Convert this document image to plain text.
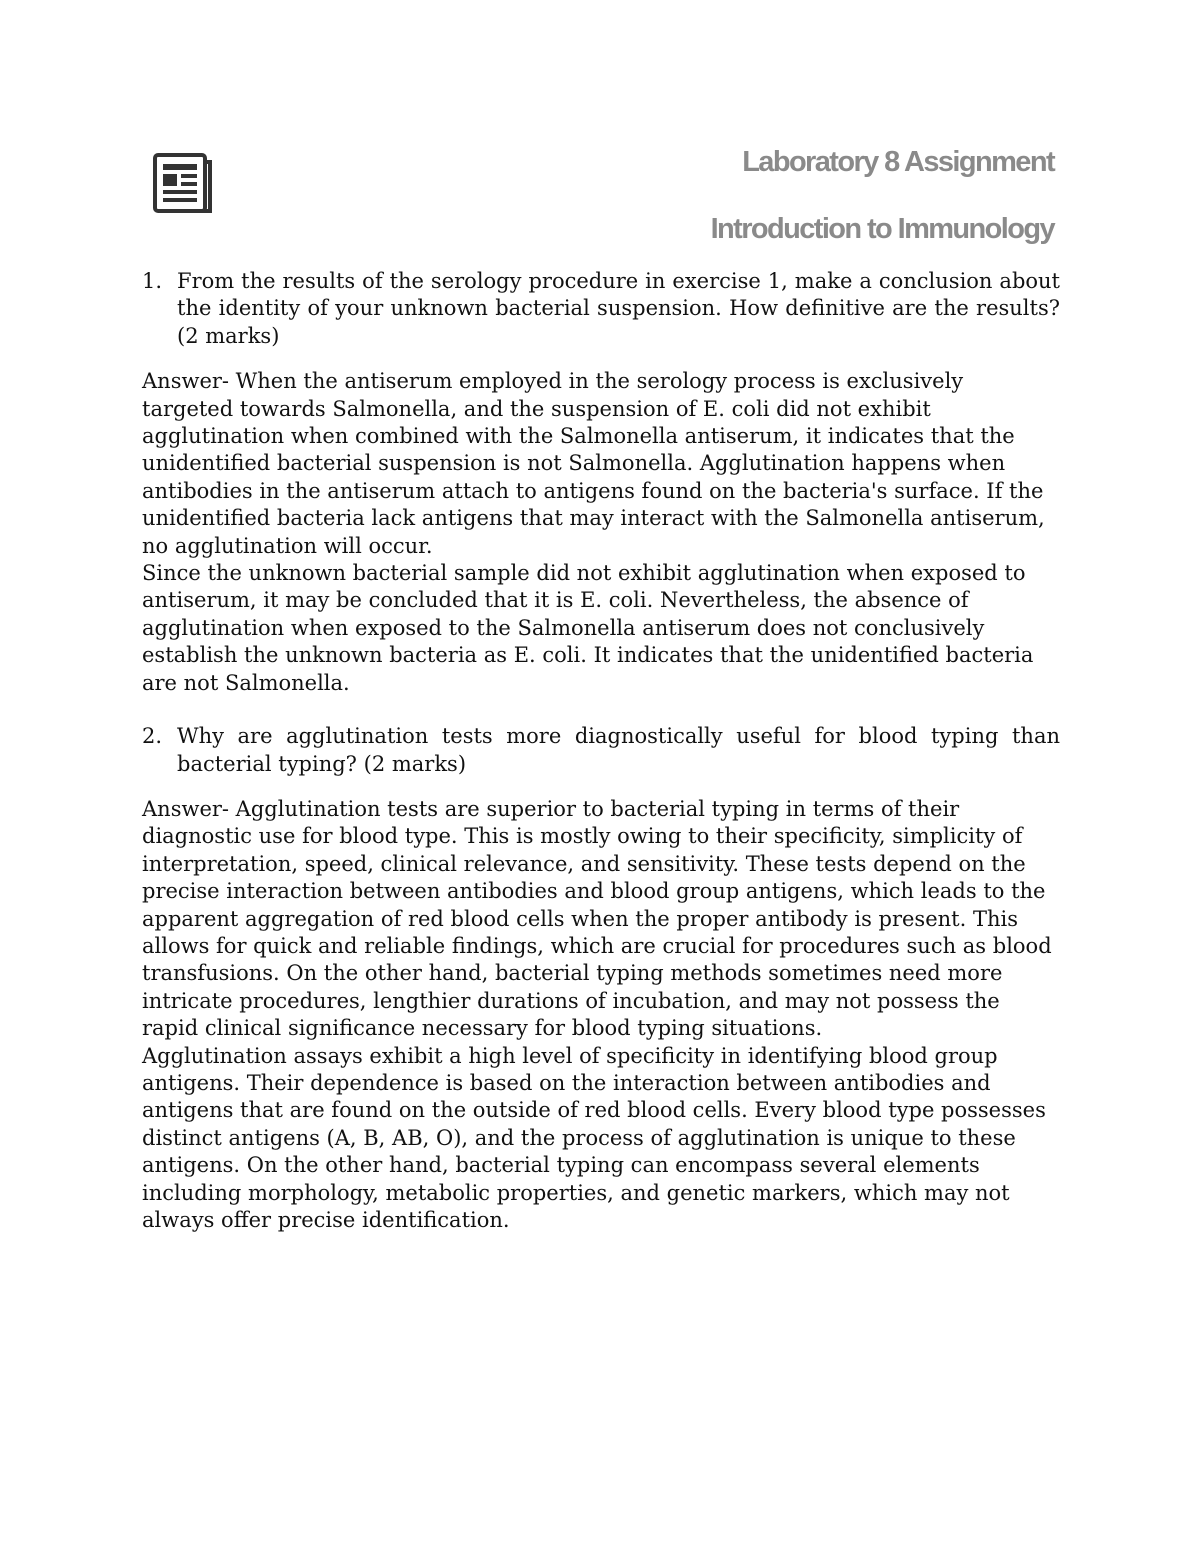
Laboratory 8 Assignment
Introduction to Immunology
1. From the results of the serology procedure in exercise 1, make a conclusion about the identity of your unknown bacterial suspension. How definitive are the results? (2 marks)

Answer- When the antiserum employed in the serology process is exclusively targeted towards Salmonella, and the suspension of E. coli did not exhibit agglutination when combined with the Salmonella antiserum, it indicates that the unidentified bacterial suspension is not Salmonella. Agglutination happens when antibodies in the antiserum attach to antigens found on the bacteria's surface. If the unidentified bacteria lack antigens that may interact with the Salmonella antiserum, no agglutination will occur.

Since the unknown bacterial sample did not exhibit agglutination when exposed to antiserum, it may be concluded that it is E. coli. Nevertheless, the absence of agglutination when exposed to the Salmonella antiserum does not conclusively establish the unknown bacteria as E. coli. It indicates that the unidentified bacteria are not Salmonella.

2. Why are agglutination tests more diagnostically useful for blood typing than bacterial typing? (2 marks)

Answer- Agglutination tests are superior to bacterial typing in terms of their diagnostic use for blood type. This is mostly owing to their specificity, simplicity of interpretation, speed, clinical relevance, and sensitivity. These tests depend on the precise interaction between antibodies and blood group antigens, which leads to the apparent aggregation of red blood cells when the proper antibody is present. This allows for quick and reliable findings, which are crucial for procedures such as blood transfusions. On the other hand, bacterial typing methods sometimes need more intricate procedures, lengthier durations of incubation, and may not possess the rapid clinical significance necessary for blood typing situations.

Agglutination assays exhibit a high level of specificity in identifying blood group antigens. Their dependence is based on the interaction between antibodies and antigens that are found on the outside of red blood cells. Every blood type possesses distinct antigens (A, B, AB, O), and the process of agglutination is unique to these antigens. On the other hand, bacterial typing can encompass several elements including morphology, metabolic properties, and genetic markers, which may not always offer precise identification.
